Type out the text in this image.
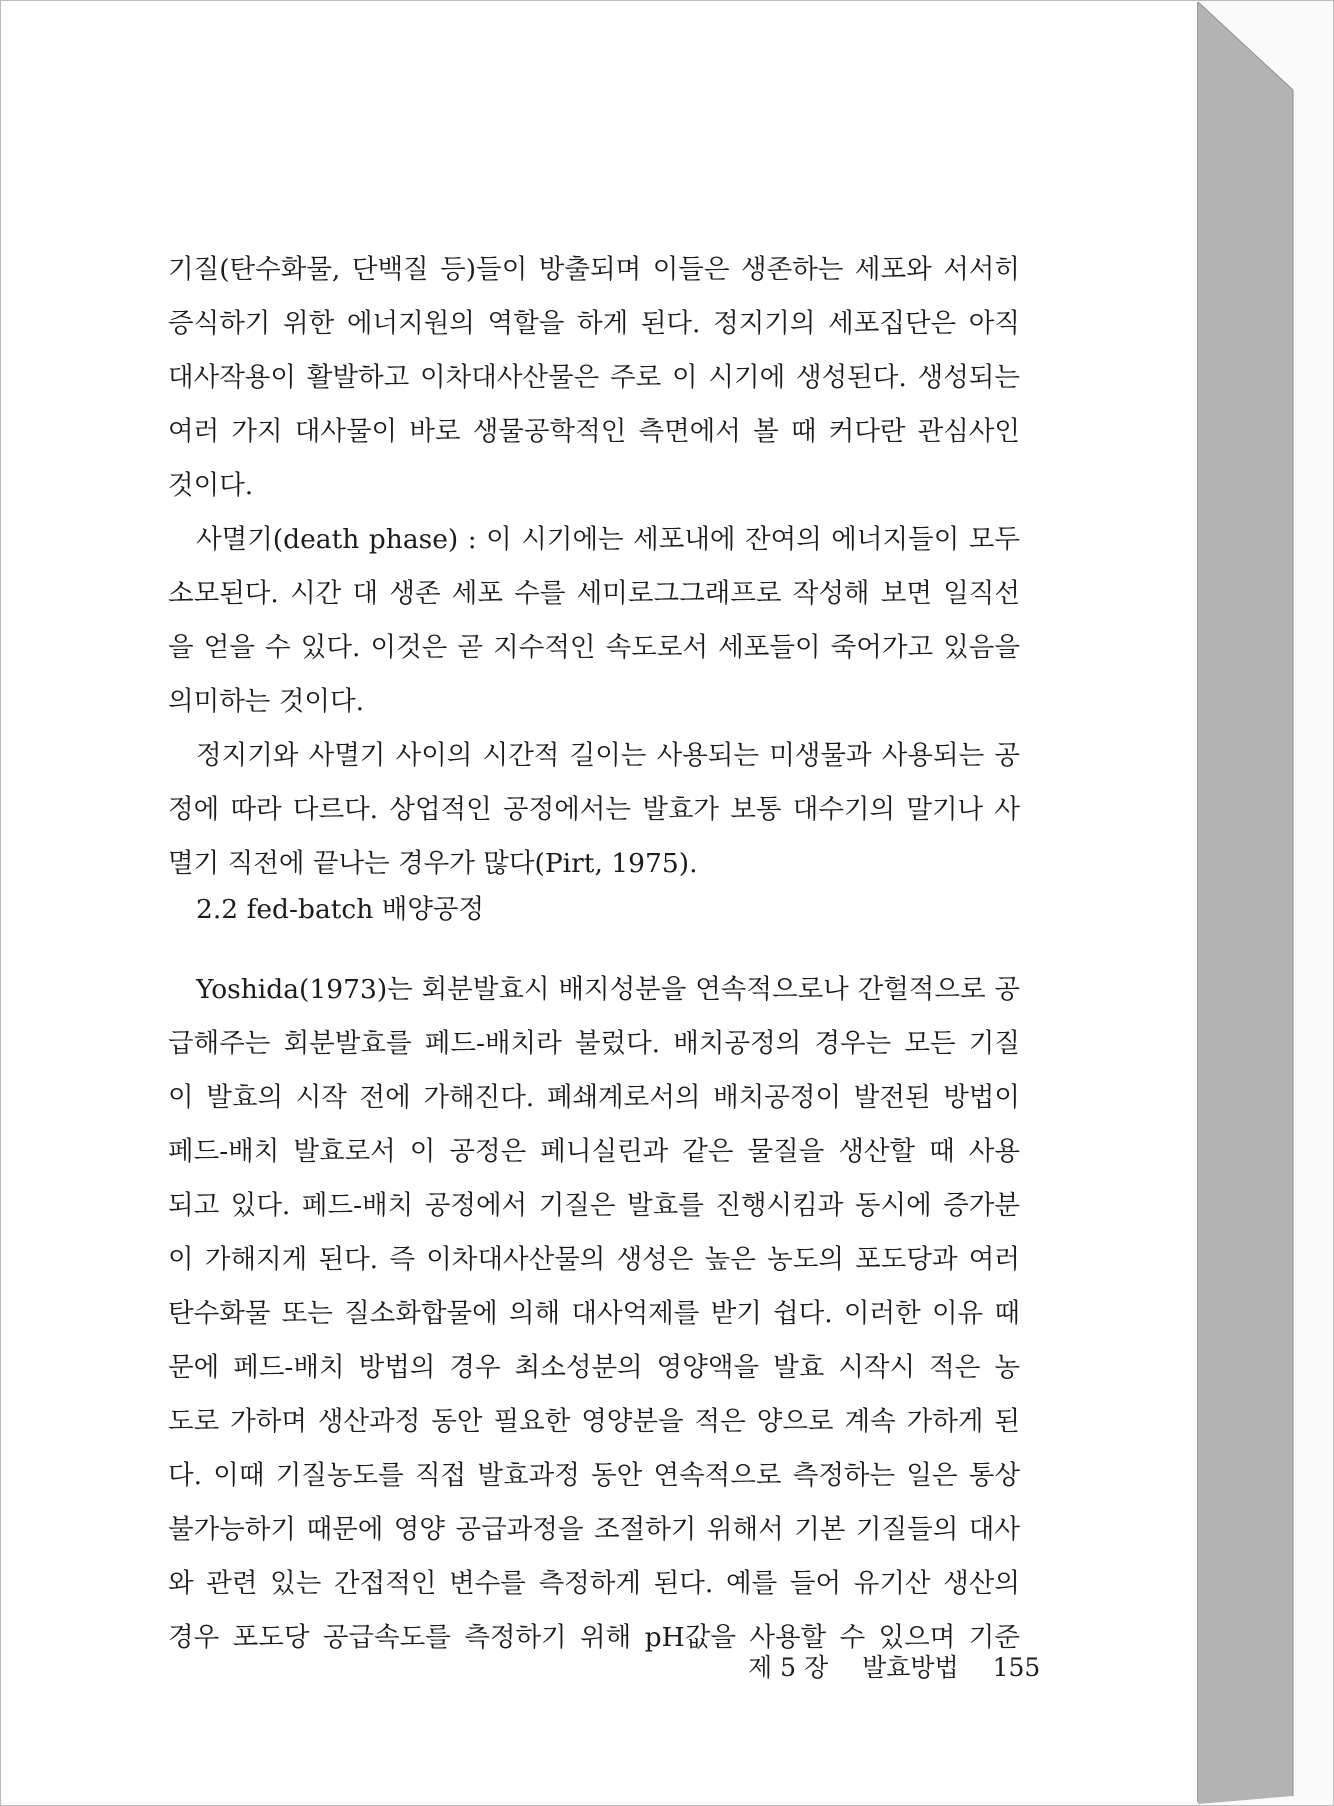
기질(탄수화물, 단백질 등)들이 방출되며 이들은 생존하는 세포와 서서히
증식하기 위한 에너지원의 역할을 하게 된다. 정지기의 세포집단은 아직
대사작용이 활발하고 이차대사산물은 주로 이 시기에 생성된다. 생성되는
여러 가지 대사물이 바로 생물공학적인 측면에서 볼 때 커다란 관심사인
것이다.
사멸기(death phase) : 이 시기에는 세포내에 잔여의 에너지들이 모두
소모된다. 시간 대 생존 세포 수를 세미로그그래프로 작성해 보면 일직선
을 얻을 수 있다. 이것은 곧 지수적인 속도로서 세포들이 죽어가고 있음을
의미하는 것이다.
정지기와 사멸기 사이의 시간적 길이는 사용되는 미생물과 사용되는 공
정에 따라 다르다. 상업적인 공정에서는 발효가 보통 대수기의 말기나 사
멸기 직전에 끝나는 경우가 많다(Pirt, 1975).
2.2 fed-batch 배양공정
Yoshida(1973)는 회분발효시 배지성분을 연속적으로나 간헐적으로 공
급해주는 회분발효를 페드-배치라 불렀다. 배치공정의 경우는 모든 기질
이 발효의 시작 전에 가해진다. 폐쇄계로서의 배치공정이 발전된 방법이
페드-배치 발효로서 이 공정은 페니실린과 같은 물질을 생산할 때 사용
되고 있다. 페드-배치 공정에서 기질은 발효를 진행시킴과 동시에 증가분
이 가해지게 된다. 즉 이차대사산물의 생성은 높은 농도의 포도당과 여러
탄수화물 또는 질소화합물에 의해 대사억제를 받기 쉽다. 이러한 이유 때
문에 페드-배치 방법의 경우 최소성분의 영양액을 발효 시작시 적은 농
도로 가하며 생산과정 동안 필요한 영양분을 적은 양으로 계속 가하게 된
다. 이때 기질농도를 직접 발효과정 동안 연속적으로 측정하는 일은 통상
불가능하기 때문에 영양 공급과정을 조절하기 위해서 기본 기질들의 대사
와 관련 있는 간접적인 변수를 측정하게 된다. 예를 들어 유기산 생산의
경우 포도당 공급속도를 측정하기 위해 pH값을 사용할 수 있으며 기준
제 5 장 발효방법 155
